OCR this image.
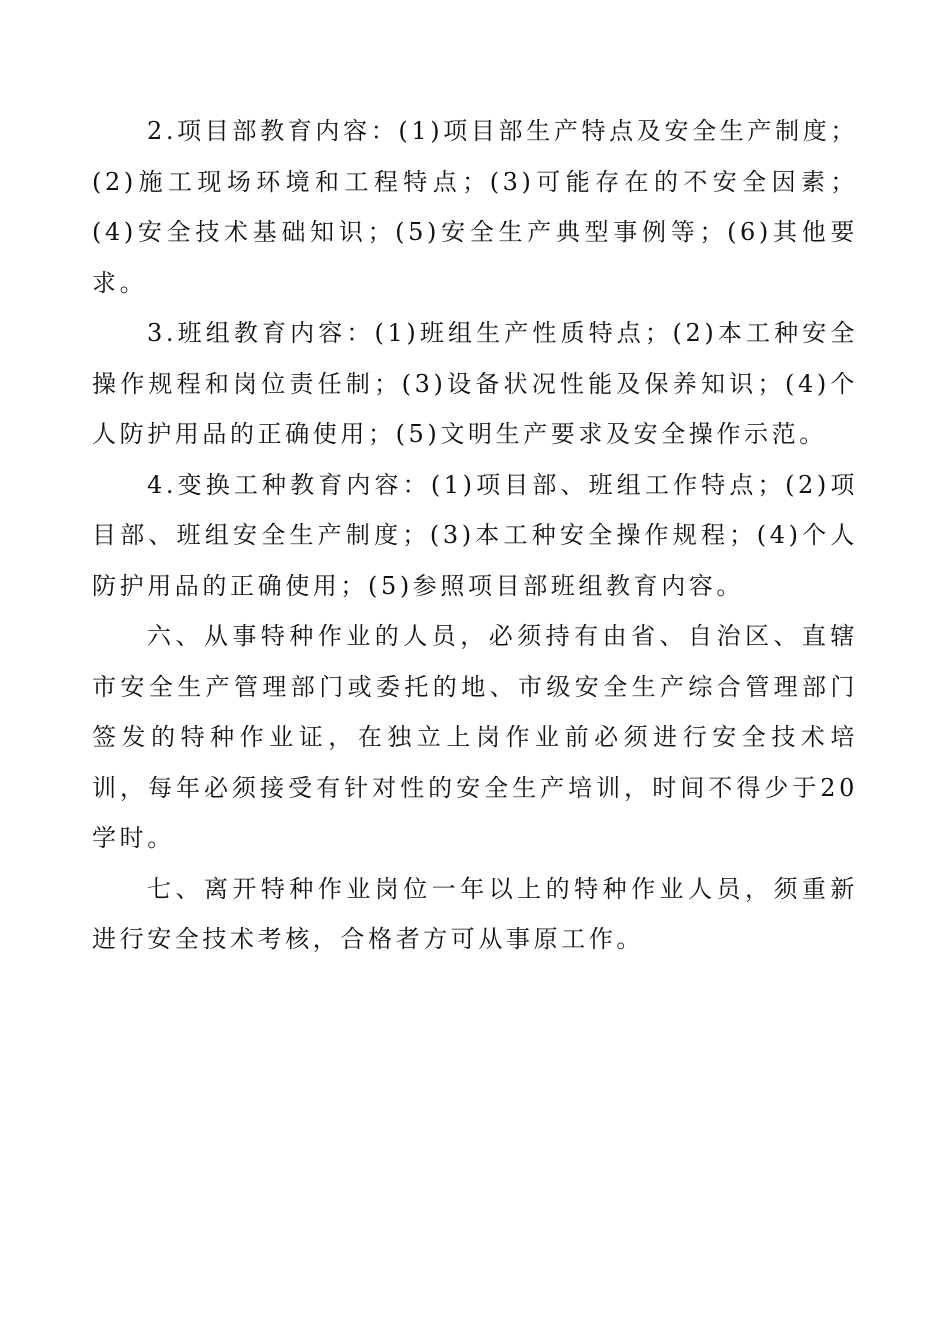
2.项目部教育内容：(1)项目部生产特点及安全生产制度；(2)施工现场环境和工程特点；(3)可能存在的不安全因素；(4)安全技术基础知识；(5)安全生产典型事例等；(6)其他要求。

3.班组教育内容：(1)班组生产性质特点；(2)本工种安全操作规程和岗位责任制；(3)设备状况性能及保养知识；(4)个人防护用品的正确使用；(5)文明生产要求及安全操作示范。

4.变换工种教育内容：(1)项目部、班组工作特点；(2)项目部、班组安全生产制度；(3)本工种安全操作规程；(4)个人防护用品的正确使用；(5)参照项目部班组教育内容。

六、从事特种作业的人员，必须持有由省、自治区、直辖市安全生产管理部门或委托的地、市级安全生产综合管理部门签发的特种作业证，在独立上岗作业前必须进行安全技术培训，每年必须接受有针对性的安全生产培训，时间不得少于20学时。

七、离开特种作业岗位一年以上的特种作业人员，须重新进行安全技术考核，合格者方可从事原工作。
